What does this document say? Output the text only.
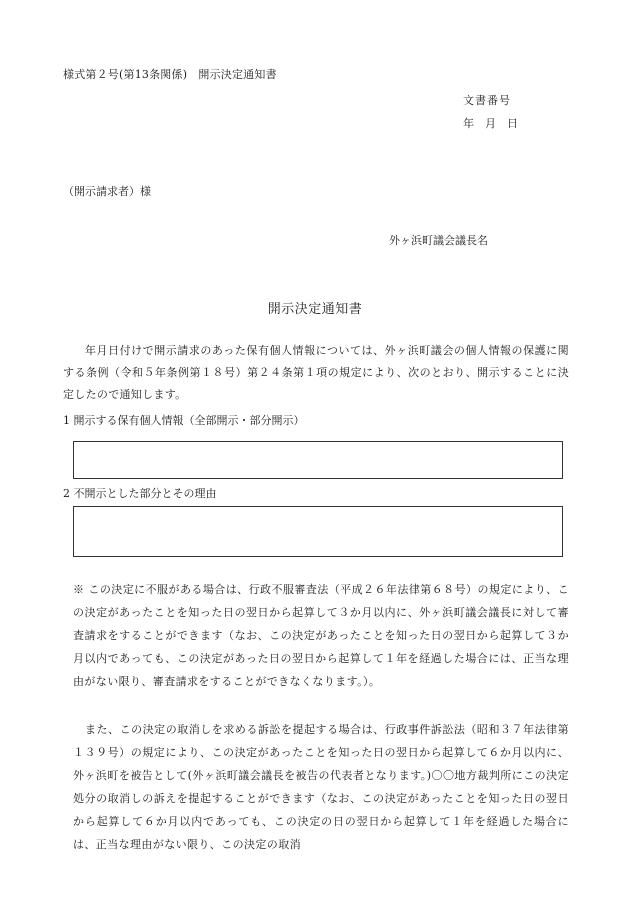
様式第２号(第13条関係)　開示決定通知書
文書番号
年　月　日
（開示請求者）様
外ヶ浜町議会議長名
開示決定通知書
年月日付けで開示請求のあった保有個人情報については、外ヶ浜町議会の個人情報の保護に関する条例（令和５年条例第１８号）第２４条第１項の規定により、次のとおり、開示することに決定したので通知します。
1 開示する保有個人情報（全部開示・部分開示）
2 不開示とした部分とその理由
※ この決定に不服がある場合は、行政不服審査法（平成２６年法律第６８号）の規定により、この決定があったことを知った日の翌日から起算して３か月以内に、外ヶ浜町議会議長に対して審査請求をすることができます（なお、この決定があったことを知った日の翌日から起算して３か月以内であっても、この決定があった日の翌日から起算して１年を経過した場合には、正当な理由がない限り、審査請求をすることができなくなります。）。
また、この決定の取消しを求める訴訟を提起する場合は、行政事件訴訟法（昭和３７年法律第１３９号）の規定により、この決定があったことを知った日の翌日から起算して６か月以内に、外ヶ浜町を被告として(外ヶ浜町議会議長を被告の代表者となります。)〇〇地方裁判所にこの決定処分の取消しの訴えを提起することができます（なお、この決定があったことを知った日の翌日から起算して６か月以内であっても、この決定の日の翌日から起算して１年を経過した場合には、正当な理由がない限り、この決定の取消
